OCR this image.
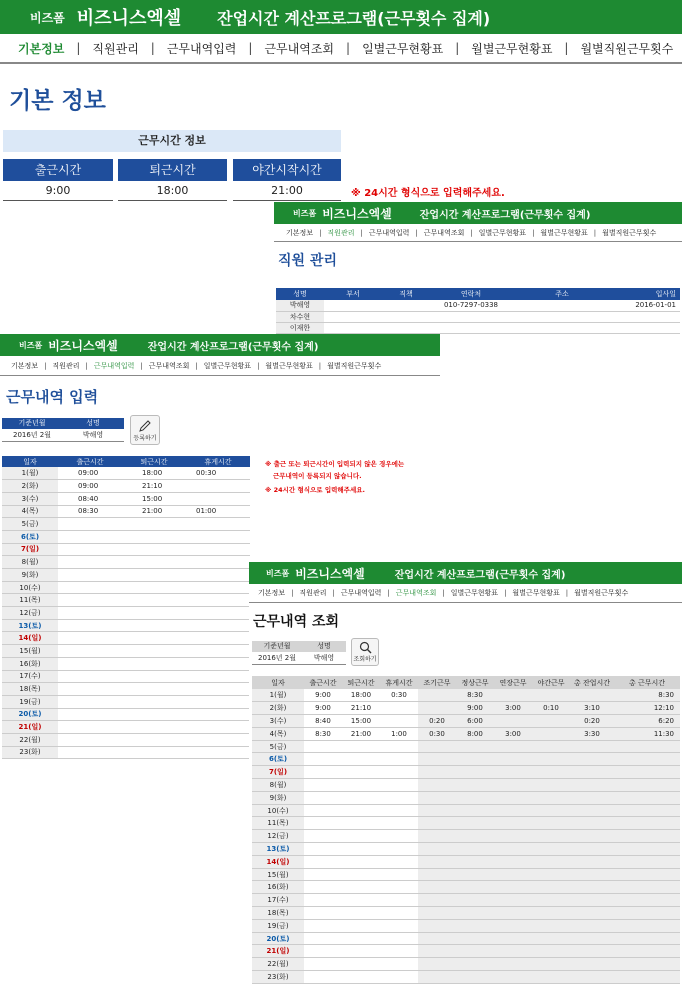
비즈폼 비즈니스엑셀 잔업시간 계산프로그램(근무횟수 집계)
기본정보 | 직원관리 | 근무내역입력 | 근무내역조회 | 일별근무현황표 | 월별근무현황표 | 월별직원근무횟수
기본 정보
근무시간 정보
출근시간
9:00
퇴근시간
18:00
야간시작시간
21:00	※ 24시간 형식으로 입력해주세요.
비즈폼 비즈니스엑셀	잔업시간 계산프로그램(근무횟수 집계)
기본정보 | 직원관리 | 근무내역입력 | 근무내역조회 | 일별근무현황표 | 월별근무현황표 | 월별직원근무횟수
직원 관리
성명	부서	직책	연락처	주소	입사일
박해영			010-7297-0338		2016-01-01
차수현					
이재한					
비즈폼 비즈니스엑셀	잔업시간 계산프로그램(근무횟수 집계)
기본정보 | 직원관리 | 근무내역입력 | 근무내역조회 | 일별근무현황표 | 월별근무현황표 | 월별직원근무횟수
근무내역 입력
기준년월	성명
2016년 2월	박해영	등록하기
일자	출근시간	퇴근시간	휴게시간
1(월)	09:00	18:00	00:30
2(화)	09:00	21:10	
3(수)	08:40	15:00	
4(목)	08:30	21:00	01:00
5(금)			
6(토)			
7(일)			
8(월)			
9(화)			
10(수)			
11(목)			
12(금)			
13(토)			
14(일)			
15(월)			
16(화)			
17(수)			
18(목)			
19(금)			
20(토)			
21(일)			
22(월)			
23(화)			
※ 출근 또는 퇴근시간이 입력되지 않은 경우에는
근무내역이 등록되지 않습니다.
※ 24시간 형식으로 입력해주세요.
비즈폼 비즈니스엑셀	잔업시간 계산프로그램(근무횟수 집계)
기본정보 | 직원관리 | 근무내역입력 | 근무내역조회 | 일별근무현황표 | 월별근무현황표 | 월별직원근무횟수
근무내역 조회
기준년월	성명
2016년 2월	박해영	조회하기
일자	출근시간	퇴근시간	휴게시간	조기근무	정상근무	연장근무	야간근무	총 잔업시간	총 근무시간
1(월)	9:00	18:00	0:30		8:30				8:30
2(화)	9:00	21:10			9:00	3:00	0:10	3:10	12:10
3(수)	8:40	15:00		0:20	6:00			0:20	6:20
4(목)	8:30	21:00	1:00	0:30	8:00	3:00		3:30	11:30
5(금)									
6(토)									
7(일)									
8(월)									
9(화)									
10(수)									
11(목)									
12(금)									
13(토)									
14(일)									
15(월)									
16(화)									
17(수)									
18(목)									
19(금)									
20(토)									
21(일)									
22(월)									
23(화)									
